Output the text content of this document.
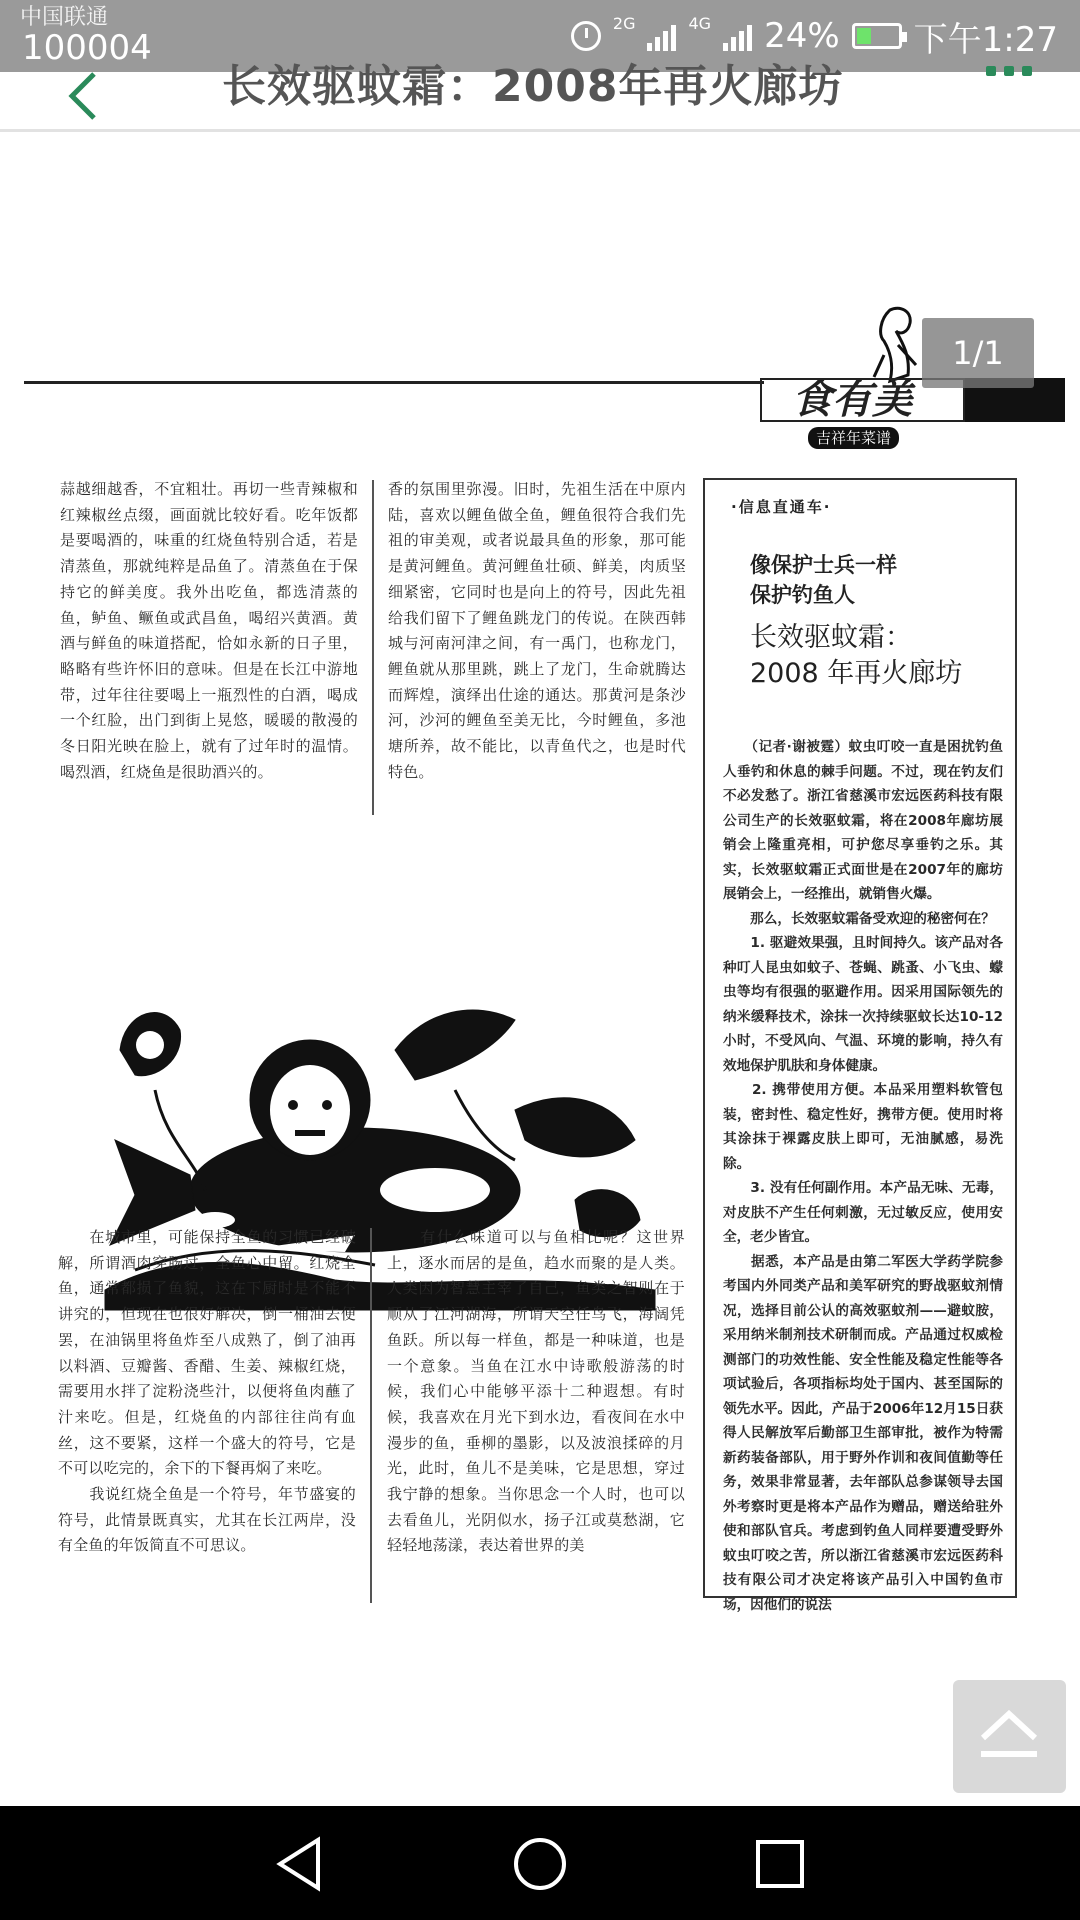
中国联通
100004
2G	4G 24% 下午1:27
长效驱蚊霜：2008年再火廊坊
食有美
吉祥年菜谱
蒜越细越香，不宜粗壮。再切一些青辣椒和红辣椒丝点缀，画面就比较好看。吃年饭都是要喝酒的，味重的红烧鱼特别合适，若是清蒸鱼，那就纯粹是品鱼了。清蒸鱼在于保持它的鲜美度。我外出吃鱼，都选清蒸的鱼，鲈鱼、鳜鱼或武昌鱼，喝绍兴黄酒。黄酒与鲜鱼的味道搭配，恰如永新的日子里，略略有些许怀旧的意味。但是在长江中游地带，过年往往要喝上一瓶烈性的白酒，喝成一个红脸，出门到街上晃悠，暖暖的散漫的冬日阳光映在脸上，就有了过年时的温情。喝烈酒，红烧鱼是很助酒兴的。
香的氛围里弥漫。旧时，先祖生活在中原内陆，喜欢以鲤鱼做全鱼，鲤鱼很符合我们先祖的审美观，或者说最具鱼的形象，那可能是黄河鲤鱼。黄河鲤鱼壮硕、鲜美，肉质坚细紧密，它同时也是向上的符号，因此先祖给我们留下了鲤鱼跳龙门的传说。在陕西韩城与河南河津之间，有一禹门，也称龙门，鲤鱼就从那里跳，跳上了龙门，生命就腾达而辉煌，演绎出仕途的通达。那黄河是条沙河，沙河的鲤鱼至美无比，今时鲤鱼，多池塘所养，故不能比，以青鱼代之，也是时代特色。
　　在城市里，可能保持全鱼的习惯已经破解，所谓酒肉穿肠过，全鱼心中留。红烧全鱼，通常都损了鱼貌，这在下厨时是不能不讲究的，但现在也很好解决，倒一桶油去便罢，在油锅里将鱼炸至八成熟了，倒了油再以料酒、豆瓣酱、香醋、生姜、辣椒红烧，需要用水拌了淀粉浇些汁，以便将鱼肉蘸了汁来吃。但是，红烧鱼的内部往往尚有血丝，这不要紧，这样一个盛大的符号，它是不可以吃完的，余下的下餐再焖了来吃。
　　我说红烧全鱼是一个符号，年节盛宴的符号，此情景既真实，尤其在长江两岸，没有全鱼的年饭简直不可思议。
　　有什么味道可以与鱼相比呢？这世界上，逐水而居的是鱼，趋水而聚的是人类。人类因为智慧主宰了自己，鱼类之智则在于顺从了江河湖海，所谓天空任鸟飞，海阔凭鱼跃。所以每一样鱼，都是一种味道，也是一个意象。当鱼在江水中诗歌般游荡的时候，我们心中能够平添十二种遐想。有时候，我喜欢在月光下到水边，看夜间在水中漫步的鱼，垂柳的墨影，以及波浪揉碎的月光，此时，鱼儿不是美味，它是思想，穿过我宁静的想象。当你思念一个人时，也可以去看鱼儿，光阴似水，扬子江或莫愁湖，它轻轻地荡漾，表达着世界的美
·信息直通车·
像保护士兵一样
保护钓鱼人
长效驱蚊霜：
2008 年再火廊坊
　　（记者·谢被霆）蚊虫叮咬一直是困扰钓鱼人垂钓和休息的棘手问题。不过，现在钓友们不必发愁了。浙江省慈溪市宏远医药科技有限公司生产的长效驱蚊霜，将在2008年廊坊展销会上隆重亮相，可护您尽享垂钓之乐。其实，长效驱蚊霜正式面世是在2007年的廊坊展销会上，一经推出，就销售火爆。
　　那么，长效驱蚊霜备受欢迎的秘密何在？
　　1. 驱避效果强，且时间持久。该产品对各种叮人昆虫如蚊子、苍蝇、跳蚤、小飞虫、蠓虫等均有很强的驱避作用。因采用国际领先的纳米缓释技术，涂抹一次持续驱蚊长达10-12小时，不受风向、气温、环境的影响，持久有效地保护肌肤和身体健康。
　　2. 携带使用方便。本品采用塑料软管包装，密封性、稳定性好，携带方便。使用时将其涂抹于裸露皮肤上即可，无油腻感，易洗除。
　　3. 没有任何副作用。本产品无味、无毒，对皮肤不产生任何刺激，无过敏反应，使用安全，老少皆宜。
　　据悉，本产品是由第二军医大学药学院参考国内外同类产品和美军研究的野战驱蚊剂情况，选择目前公认的高效驱蚊剂——避蚊胺，采用纳米制剂技术研制而成。产品通过权威检测部门的功效性能、安全性能及稳定性能等各项试验后，各项指标均处于国内、甚至国际的领先水平。因此，产品于2006年12月15日获得人民解放军后勤部卫生部审批，被作为特需新药装备部队，用于野外作训和夜间值勤等任务，效果非常显著，去年部队总参谋领导去国外考察时更是将本产品作为赠品，赠送给驻外使和部队官兵。考虑到钓鱼人同样要遭受野外蚊虫叮咬之苦，所以浙江省慈溪市宏远医药科技有限公司才决定将该产品引入中国钓鱼市场，因他们的说法
1/1
